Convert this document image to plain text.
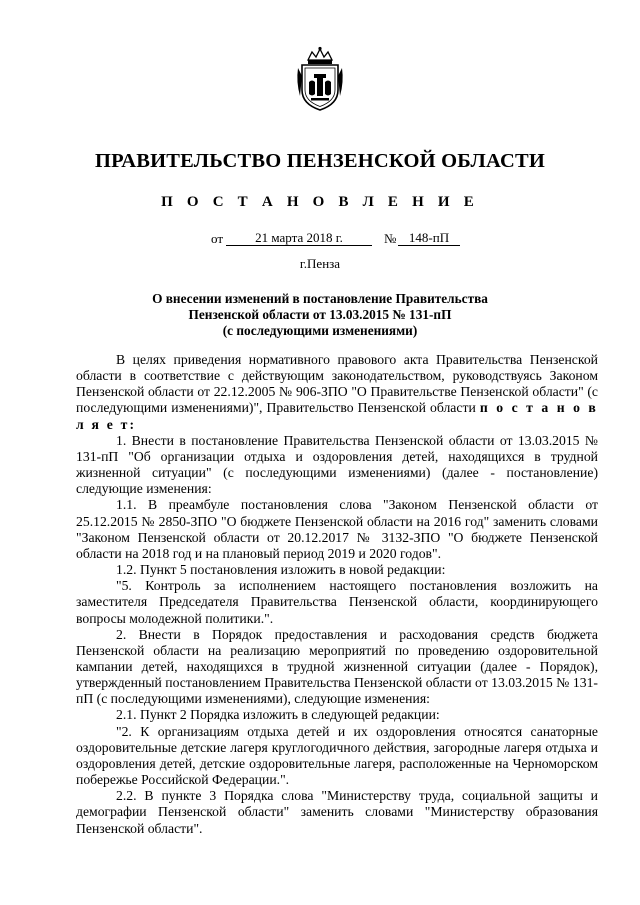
ПРАВИТЕЛЬСТВО ПЕНЗЕНСКОЙ ОБЛАСТИ
П О С Т А Н О В Л Е Н И Е
от	21 марта 2018 г.	№ 148-пП
г.Пенза
О внесении изменений в постановление Правительства
Пензенской области от 13.03.2015 № 131-пП
(с последующими изменениями)

В целях приведения нормативного правового акта Правительства Пензенской области в соответствие с действующим законодательством, руководствуясь Законом Пензенской области от 22.12.2005 № 906-ЗПО "О Правительстве Пензенской области" (с последующими изменениями)", Правительство Пензенской области п о с т а н о в л я е т:

1. Внести в постановление Правительства Пензенской области от 13.03.2015 № 131-пП "Об организации отдыха и оздоровления детей, находящихся в трудной жизненной ситуации" (с последующими изменениями) (далее - постановление) следующие изменения:

1.1. В преамбуле постановления слова "Законом Пензенской области от 25.12.2015 № 2850-ЗПО "О бюджете Пензенской области на 2016 год" заменить словами "Законом Пензенской области от 20.12.2017 № 3132-ЗПО "О бюджете Пензенской области на 2018 год и на плановый период 2019 и 2020 годов".

1.2. Пункт 5 постановления изложить в новой редакции:

"5. Контроль за исполнением настоящего постановления возложить на заместителя Председателя Правительства Пензенской области, координирующего вопросы молодежной политики.".

2. Внести в Порядок предоставления и расходования средств бюджета Пензенской области на реализацию мероприятий по проведению оздоровительной кампании детей, находящихся в трудной жизненной ситуации (далее - Порядок), утвержденный постановлением Правительства Пензенской области от 13.03.2015 № 131-пП (с последующими изменениями), следующие изменения:

2.1. Пункт 2 Порядка изложить в следующей редакции:

"2. К организациям отдыха детей и их оздоровления относятся санаторные оздоровительные детские лагеря круглогодичного действия, загородные лагеря отдыха и оздоровления детей, детские оздоровительные лагеря, расположенные на Черноморском побережье Российской Федерации.".

2.2. В пункте 3 Порядка слова "Министерству труда, социальной защиты и демографии Пензенской области" заменить словами "Министерству образования Пензенской области".
